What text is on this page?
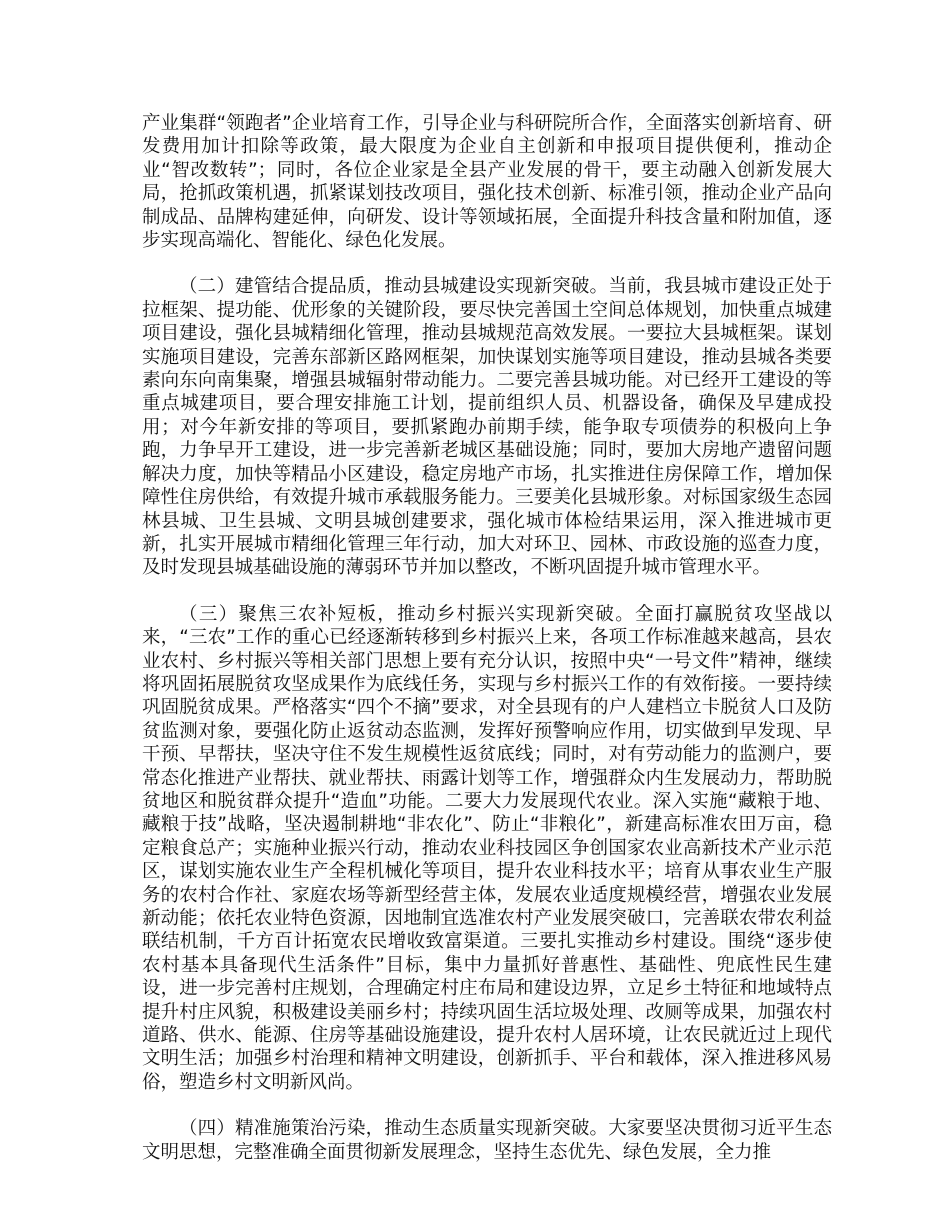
产业集群“领跑者”企业培育工作，引导企业与科研院所合作，全面落实创新培育、研发费用加计扣除等政策，最大限度为企业自主创新和申报项目提供便利，推动企业“智改数转”；同时，各位企业家是全县产业发展的骨干，要主动融入创新发展大局，抢抓政策机遇，抓紧谋划技改项目，强化技术创新、标准引领，推动企业产品向制成品、品牌构建延伸，向研发、设计等领域拓展，全面提升科技含量和附加值，逐步实现高端化、智能化、绿色化发展。

（二）建管结合提品质，推动县城建设实现新突破。当前，我县城市建设正处于拉框架、提功能、优形象的关键阶段，要尽快完善国土空间总体规划，加快重点城建项目建设，强化县城精细化管理，推动县城规范高效发展。一要拉大县城框架。谋划实施项目建设，完善东部新区路网框架，加快谋划实施等项目建设，推动县城各类要素向东向南集聚，增强县城辐射带动能力。二要完善县城功能。对已经开工建设的等重点城建项目，要合理安排施工计划，提前组织人员、机器设备，确保及早建成投用；对今年新安排的等项目，要抓紧跑办前期手续，能争取专项债券的积极向上争跑，力争早开工建设，进一步完善新老城区基础设施；同时，要加大房地产遗留问题解决力度，加快等精品小区建设，稳定房地产市场，扎实推进住房保障工作，增加保障性住房供给，有效提升城市承载服务能力。三要美化县城形象。对标国家级生态园林县城、卫生县城、文明县城创建要求，强化城市体检结果运用，深入推进城市更新，扎实开展城市精细化管理三年行动，加大对环卫、园林、市政设施的巡查力度，及时发现县城基础设施的薄弱环节并加以整改，不断巩固提升城市管理水平。

（三）聚焦三农补短板，推动乡村振兴实现新突破。全面打赢脱贫攻坚战以来，“三农”工作的重心已经逐渐转移到乡村振兴上来，各项工作标准越来越高，县农业农村、乡村振兴等相关部门思想上要有充分认识，按照中央“一号文件”精神，继续将巩固拓展脱贫攻坚成果作为底线任务，实现与乡村振兴工作的有效衔接。一要持续巩固脱贫成果。严格落实“四个不摘”要求，对全县现有的户人建档立卡脱贫人口及防贫监测对象，要强化防止返贫动态监测，发挥好预警响应作用，切实做到早发现、早干预、早帮扶，坚决守住不发生规模性返贫底线；同时，对有劳动能力的监测户，要常态化推进产业帮扶、就业帮扶、雨露计划等工作，增强群众内生发展动力，帮助脱贫地区和脱贫群众提升“造血”功能。二要大力发展现代农业。深入实施“藏粮于地、藏粮于技”战略，坚决遏制耕地“非农化”、防止“非粮化”，新建高标准农田万亩，稳定粮食总产；实施种业振兴行动，推动农业科技园区争创国家农业高新技术产业示范区，谋划实施农业生产全程机械化等项目，提升农业科技水平；培育从事农业生产服务的农村合作社、家庭农场等新型经营主体，发展农业适度规模经营，增强农业发展新动能；依托农业特色资源，因地制宜选准农村产业发展突破口，完善联农带农利益联结机制，千方百计拓宽农民增收致富渠道。三要扎实推动乡村建设。围绕“逐步使农村基本具备现代生活条件”目标，集中力量抓好普惠性、基础性、兜底性民生建设，进一步完善村庄规划，合理确定村庄布局和建设边界，立足乡土特征和地域特点提升村庄风貌，积极建设美丽乡村；持续巩固生活垃圾处理、改厕等成果，加强农村道路、供水、能源、住房等基础设施建设，提升农村人居环境，让农民就近过上现代文明生活；加强乡村治理和精神文明建设，创新抓手、平台和载体，深入推进移风易俗，塑造乡村文明新风尚。

（四）精准施策治污染，推动生态质量实现新突破。大家要坚决贯彻习近平生态文明思想，完整准确全面贯彻新发展理念，坚持生态优先、绿色发展，全力推
